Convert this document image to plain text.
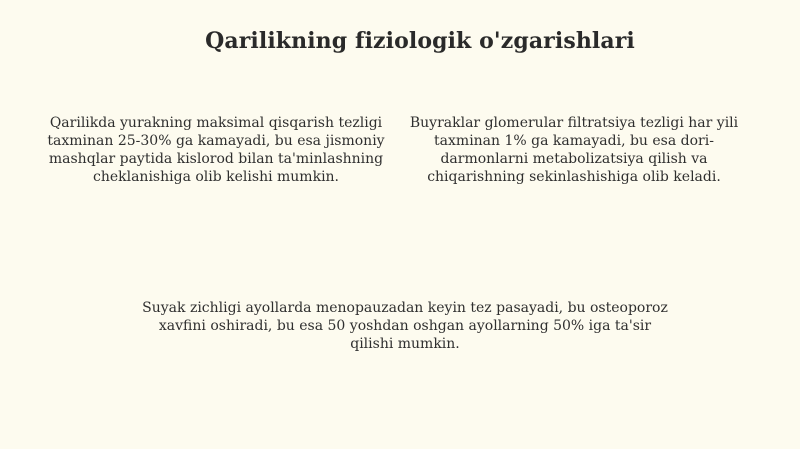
Qarilikning fiziologik o'zgarishlari

Qarilikda yurakning maksimal qisqarish tezligi taxminan 25-30% ga kamayadi, bu esa jismoniy mashqlar paytida kislorod bilan ta'minlashning cheklanishiga olib kelishi mumkin.

Buyraklar glomerular filtratsiya tezligi har yili taxminan 1% ga kamayadi, bu esa dori-darmonlarni metabolizatsiya qilish va chiqarishning sekinlashishiga olib keladi.

Suyak zichligi ayollarda menopauzadan keyin tez pasayadi, bu osteoporoz xavfini oshiradi, bu esa 50 yoshdan oshgan ayollarning 50% iga ta'sir qilishi mumkin.
